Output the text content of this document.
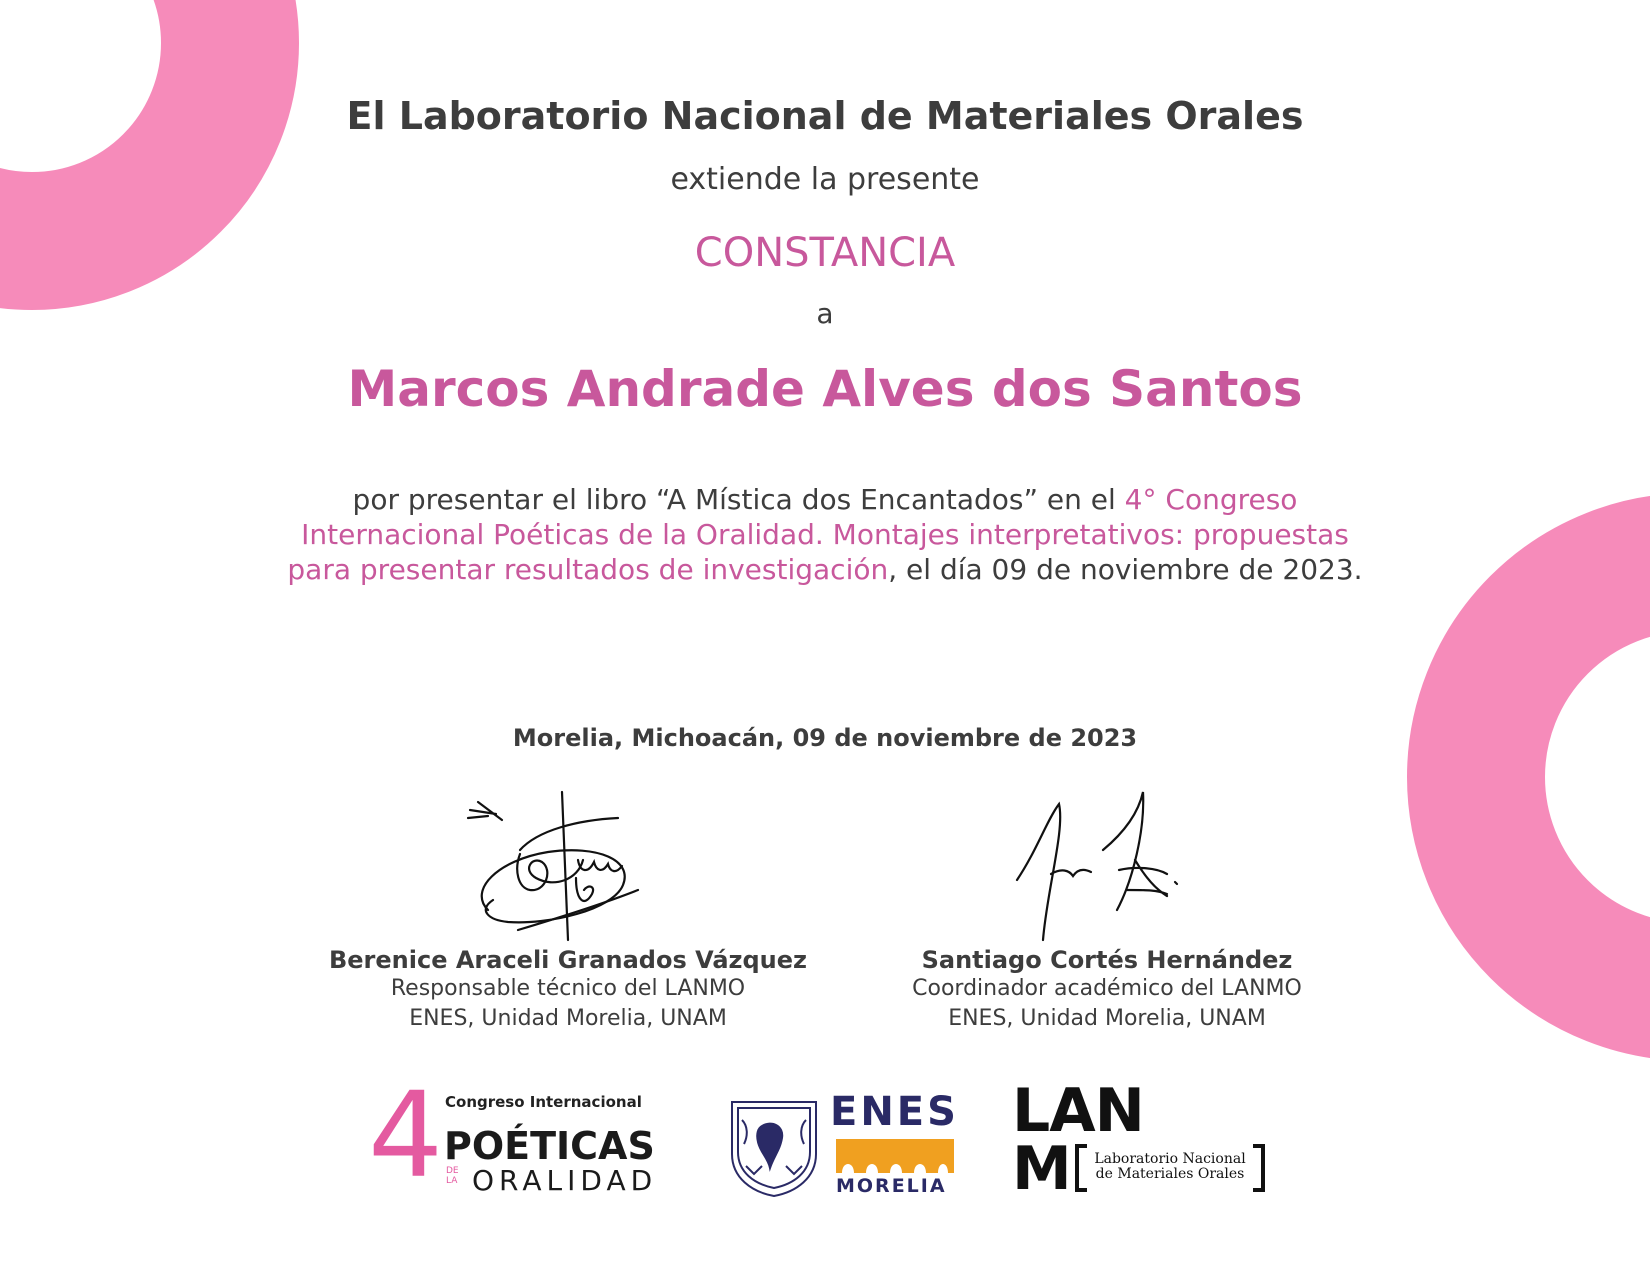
El Laboratorio Nacional de Materiales Orales
extiende la presente
CONSTANCIA
a
Marcos Andrade Alves dos Santos
por presentar el libro “A Mística dos Encantados” en el 4° Congreso Internacional Poéticas de la Oralidad. Montajes interpretativos: propuestas para presentar resultados de investigación, el día 09 de noviembre de 2023.
Morelia, Michoacán, 09 de noviembre de 2023
Berenice Araceli Granados Vázquez
Responsable técnico del LANMO
ENES, Unidad Morelia, UNAM
Santiago Cortés Hernández
Coordinador académico del LANMO
ENES, Unidad Morelia, UNAM
4 Congreso Internacional
POÉTICAS
DE
LA ORALIDAD
ENES
MORELIA
LAN
M Laboratorio Nacional
de Materiales Orales
